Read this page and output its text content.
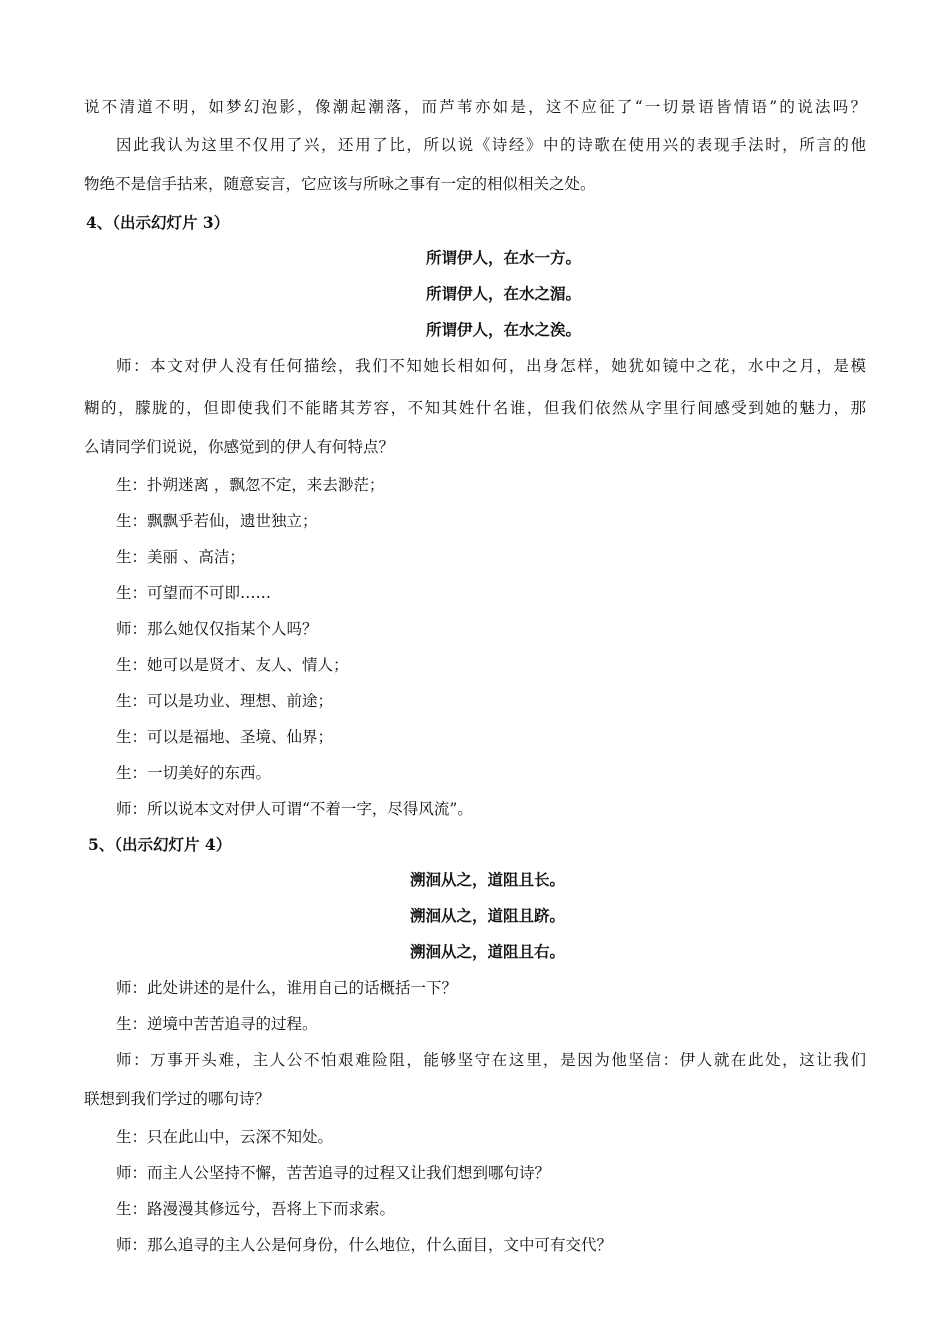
说不清道不明，如梦幻泡影，像潮起潮落，而芦苇亦如是，这不应征了“一切景语皆情语”的说法吗？
因此我认为这里不仅用了兴，还用了比，所以说《诗经》中的诗歌在使用兴的表现手法时，所言的他
物绝不是信手拈来，随意妄言，它应该与所咏之事有一定的相似相关之处。
4、（出示幻灯片 3）
所谓伊人，在水一方。
所谓伊人，在水之湄。
所谓伊人，在水之涘。
师：本文对伊人没有任何描绘，我们不知她长相如何，出身怎样，她犹如镜中之花，水中之月，是模
糊的，朦胧的，但即使我们不能睹其芳容，不知其姓什名谁，但我们依然从字里行间感受到她的魅力，那
么请同学们说说，你感觉到的伊人有何特点？
生：扑朔迷离 ，飘忽不定，来去渺茫；
生：飘飘乎若仙，遗世独立；
生：美丽 、高洁；
生：可望而不可即……
师：那么她仅仅指某个人吗？
生：她可以是贤才、友人、情人；
生：可以是功业、理想、前途；
生：可以是福地、圣境、仙界；
生：一切美好的东西。
师：所以说本文对伊人可谓“不着一字，尽得风流”。
5、（出示幻灯片 4）
溯洄从之，道阻且长。
溯洄从之，道阻且跻。
溯洄从之，道阻且右。
师：此处讲述的是什么，谁用自己的话概括一下？
生：逆境中苦苦追寻的过程。
师：万事开头难，主人公不怕艰难险阻，能够坚守在这里，是因为他坚信：伊人就在此处，这让我们
联想到我们学过的哪句诗？
生：只在此山中，云深不知处。
师：而主人公坚持不懈，苦苦追寻的过程又让我们想到哪句诗？
生：路漫漫其修远兮，吾将上下而求索。
师：那么追寻的主人公是何身份，什么地位，什么面目，文中可有交代？
